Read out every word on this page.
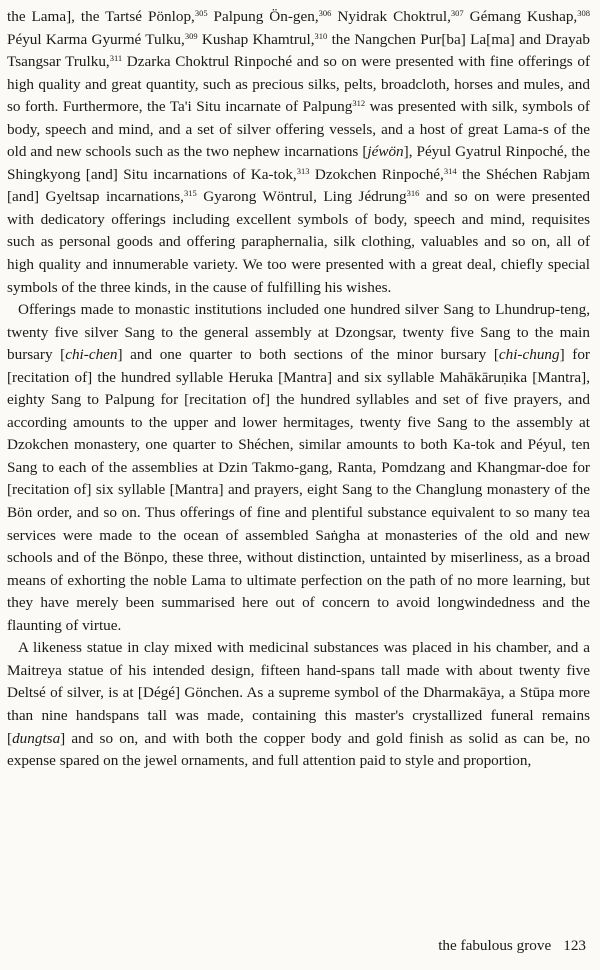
the Lama], the Tartsé Pönlop,$^{305}$ Palpung Ön-gen,$^{306}$ Nyidrak Choktrul,$^{307}$ Gémang Kushap,$^{308}$ Péyul Karma Gyurmé Tulku,$^{309}$ Kushap Khamtrul,$^{310}$ the Nangchen Pur[ba] La[ma] and Drayab Tsangsar Trulku,$^{311}$ Dzarka Choktrul Rinpoché and so on were presented with fine offerings of high quality and great quantity, such as precious silks, pelts, broadcloth, horses and mules, and so forth. Furthermore, the Ta'i Situ incarnate of Palpung$^{312}$ was presented with silk, symbols of body, speech and mind, and a set of silver offering vessels, and a host of great Lama-s of the old and new schools such as the two nephew incarnations [jéwön], Péyul Gyatrul Rinpoché, the Shingkyong [and] Situ incarnations of Ka-tok,$^{313}$ Dzokchen Rinpoché,$^{314}$ the Shéchen Rabjam [and] Gyeltsap incarnations,$^{315}$ Gyarong Wöntrul, Ling Jédrung$^{316}$ and so on were presented with dedicatory offerings including excellent symbols of body, speech and mind, requisites such as personal goods and offering paraphernalia, silk clothing, valuables and so on, all of high quality and innumerable variety. We too were presented with a great deal, chiefly special symbols of the three kinds, in the cause of fulfilling his wishes.

Offerings made to monastic institutions included one hundred silver Sang to Lhundrup-teng, twenty five silver Sang to the general assembly at Dzongsar, twenty five Sang to the main bursary [chi-chen] and one quarter to both sections of the minor bursary [chi-chung] for [recitation of] the hundred syllable Heruka [Mantra] and six syllable Mahākāruṇika [Mantra], eighty Sang to Palpung for [recitation of] the hundred syllables and set of five prayers, and according amounts to the upper and lower hermitages, twenty five Sang to the assembly at Dzokchen monastery, one quarter to Shéchen, similar amounts to both Ka-tok and Péyul, ten Sang to each of the assemblies at Dzin Takmo-gang, Ranta, Pomdzang and Khangmar-doe for [recitation of] six syllable [Mantra] and prayers, eight Sang to the Changlung monastery of the Bön order, and so on. Thus offerings of fine and plentiful substance equivalent to so many tea services were made to the ocean of assembled Saṅgha at monasteries of the old and new schools and of the Bönpo, these three, without distinction, untainted by miserliness, as a broad means of exhorting the noble Lama to ultimate perfection on the path of no more learning, but they have merely been summarised here out of concern to avoid longwindedness and the flaunting of virtue.

A likeness statue in clay mixed with medicinal substances was placed in his chamber, and a Maitreya statue of his intended design, fifteen hand-spans tall made with about twenty five Deltsé of silver, is at [Dégé] Gönchen. As a supreme symbol of the Dharmakāya, a Stūpa more than nine handspans tall was made, containing this master's crystallized funeral remains [dungtsa] and so on, and with both the copper body and gold finish as solid as can be, no expense spared on the jewel ornaments, and full attention paid to style and proportion,

the fabulous grove 123
